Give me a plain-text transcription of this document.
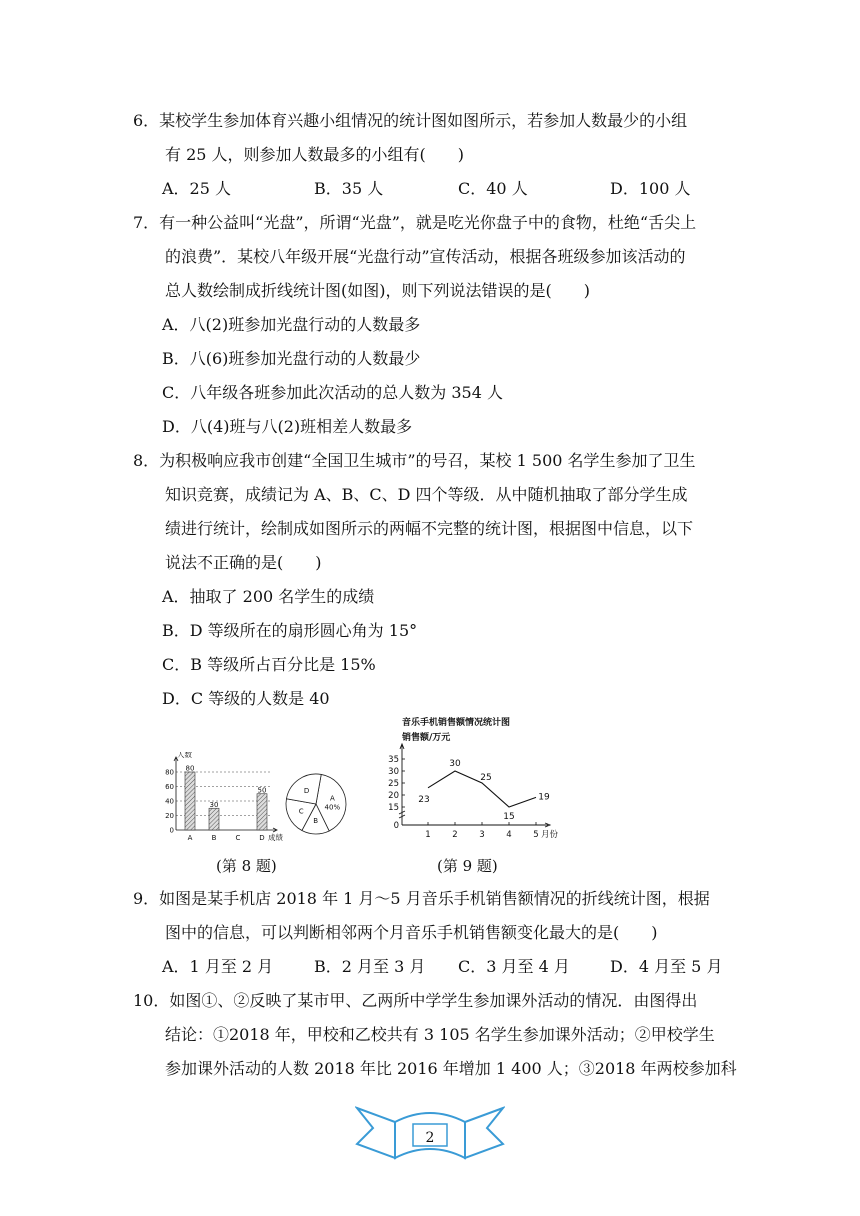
6．某校学生参加体育兴趣小组情况的统计图如图所示，若参加人数最少的小组
有 25 人，则参加人数最多的小组有(　　)
A．25 人	B．35 人	C．40 人	D．100 人
7．有一种公益叫“光盘”，所谓“光盘”，就是吃光你盘子中的食物，杜绝“舌尖上
的浪费”．某校八年级开展“光盘行动”宣传活动，根据各班级参加该活动的
总人数绘制成折线统计图(如图)，则下列说法错误的是(　　)
A．八(2)班参加光盘行动的人数最多
B．八(6)班参加光盘行动的人数最少
C．八年级各班参加此次活动的总人数为 354 人
D．八(4)班与八(2)班相差人数最多
8．为积极响应我市创建“全国卫生城市”的号召，某校 1 500 名学生参加了卫生
知识竞赛，成绩记为 A、B、C、D 四个等级．从中随机抽取了部分学生成
绩进行统计，绘制成如图所示的两幅不完整的统计图，根据图中信息，以下
说法不正确的是(　　)
A．抽取了 200 名学生的成绩
B．D 等级所在的扇形圆心角为 15°
C．B 等级所占百分比是 15%
D．C 等级的人数是 40
0
20
40
60
80
人数
成绩
A
80
B
30
C	D
50
A
40%
B
C
D
(第 8 题)
音乐手机销售额情况统计图
销售额/万元
0
15
20
25
30
35
1	2	3	4	5 月份
23
30
25
15
19
(第 9 题)
9．如图是某手机店 2018 年 1 月～5 月音乐手机销售额情况的折线统计图，根据
图中的信息，可以判断相邻两个月音乐手机销售额变化最大的是(　　)
A．1 月至 2 月	B．2 月至 3 月 C．3 月至 4 月	D．4 月至 5 月
10．如图①、②反映了某市甲、乙两所中学学生参加课外活动的情况．由图得出
结论：①2018 年，甲校和乙校共有 3 105 名学生参加课外活动；②甲校学生
参加课外活动的人数 2018 年比 2016 年增加 1 400 人；③2018 年两校参加科
2
